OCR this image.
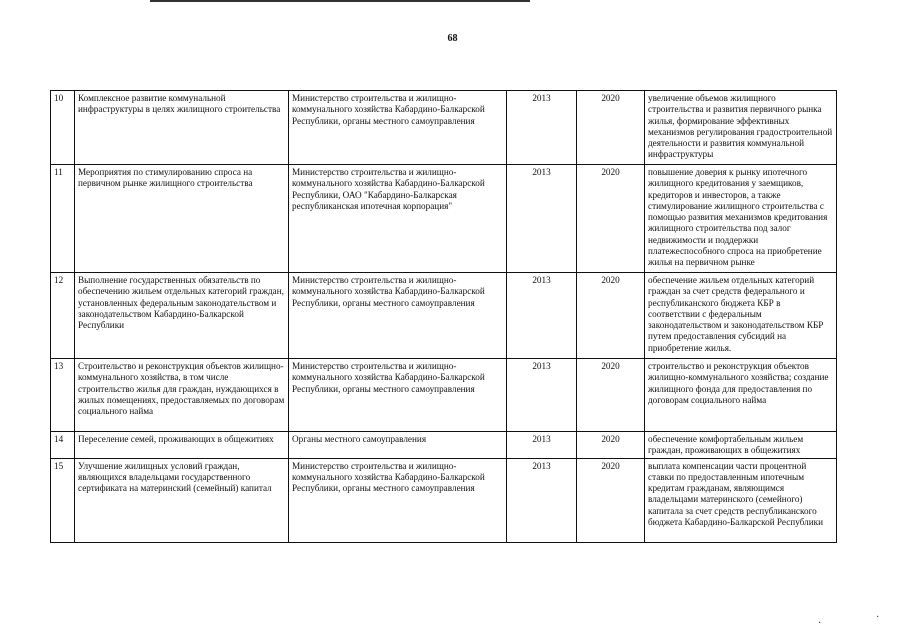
68
10	Комплексное развитие коммунальной инфраструктуры в целях жилищного строительства	Министерство строительства и жилищно-коммунального хозяйства Кабардино-Балкарской Республики, органы местного самоуправления	2013	2020	увеличение объемов жилищного строительства и развития первичного рынка жилья, формирование эффективных механизмов регулирования градостроительной деятельности и развития коммунальной инфраструктуры
11	Мероприятия по стимулированию спроса на первичном рынке жилищного строительства	Министерство строительства и жилищно-коммунального хозяйства Кабардино-Балкарской Республики, ОАО "Кабардино-Балкарская республиканская ипотечная корпорация"	2013	2020	повышение доверия к рынку ипотечного жилищного кредитования у заемщиков, кредиторов и инвесторов, а также стимулирование жилищного строительства с помощью развития механизмов кредитования жилищного строительства под залог недвижимости и поддержки платежеспособного спроса на приобретение жилья на первичном рынке
12	Выполнение государственных обязательств по обеспечению жильем отдельных категорий граждан, установленных федеральным законодательством и законодательством Кабардино-Балкарской Республики	Министерство строительства и жилищно-коммунального хозяйства Кабардино-Балкарской Республики, органы местного самоуправления	2013	2020	обеспечение жильем отдельных категорий граждан за счет средств федерального и республиканского бюджета КБР в соответствии с федеральным законодательством и законодательством КБР путем предоставления субсидий на приобретение жилья.
13	Строительство и реконструкция объектов жилищно-коммунального хозяйства, в том числе строительство жилья для граждан, нуждающихся в жилых помещениях, предоставляемых по договорам социального найма	Министерство строительства и жилищно-коммунального хозяйства Кабардино-Балкарской Республики, органы местного самоуправления	2013	2020	строительство и реконструкция объектов жилищно-коммунального хозяйства; создание жилищного фонда для предоставления по договорам социального найма
14	Переселение семей, проживающих в общежитиях	Органы местного самоуправления	2013	2020	обеспечение комфортабельным жильем граждан, проживающих в общежитиях
15	Улучшение жилищных условий граждан, являющихся владельцами государственного сертификата на материнский (семейный) капитал	Министерство строительства и жилищно-коммунального хозяйства Кабардино-Балкарской Республики, органы местного самоуправления	2013	2020	выплата компенсации части процентной ставки по предоставленным ипотечным кредитам гражданам, являющимся владельцами материнского (семейного) капитала за счет средств республиканского бюджета Кабардино-Балкарской Республики
·
·
